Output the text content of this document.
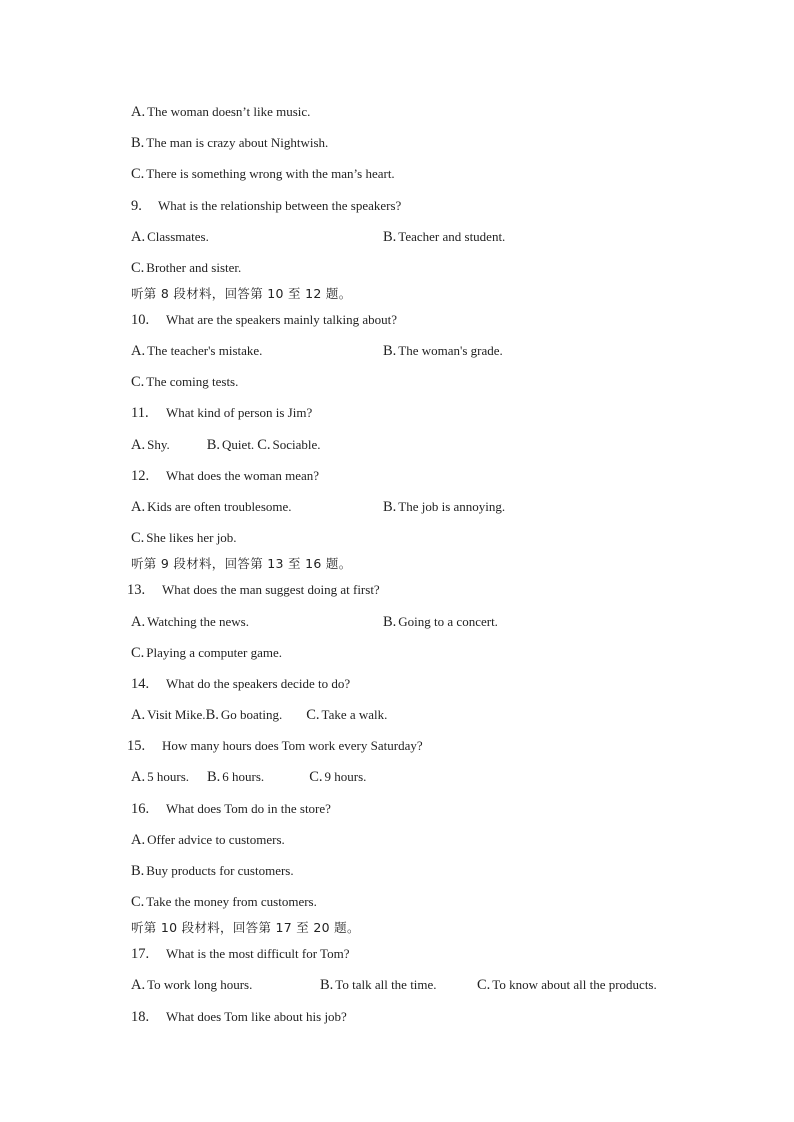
A. The woman doesn’t like music.
B. The man is crazy about Nightwish.
C. There is something wrong with the man’s heart.
9. What is the relationship between the speakers?
A. Classmates.	B. Teacher and student.
C. Brother and sister.
听第 8 段材料，回答第 10 至 12 题。
10. What are the speakers mainly talking about?
A. The teacher's mistake.	B. The woman's grade.
C. The coming tests.
11. What kind of person is Jim?
A. Shy.	B. Quiet. C. Sociable.
12. What does the woman mean?
A. Kids are often troublesome.	B. The job is annoying.
C. She likes her job.
听第 9 段材料，回答第 13 至 16 题。
13. What does the man suggest doing at first?
A. Watching the news.	B. Going to a concert.
C. Playing a computer game.
14. What do the speakers decide to do?
A. Visit Mike.B. Go boating. C. Take a walk.
15. How many hours does Tom work every Saturday?
A. 5 hours. B. 6 hours.	C. 9 hours.
16. What does Tom do in the store?
A. Offer advice to customers.
B. Buy products for customers.
C. Take the money from customers.
听第 10 段材料，回答第 17 至 20 题。
17. What is the most difficult for Tom?
A. To work long hours.	B. To talk all the time.	C. To know about all the products.
18. What does Tom like about his job?
